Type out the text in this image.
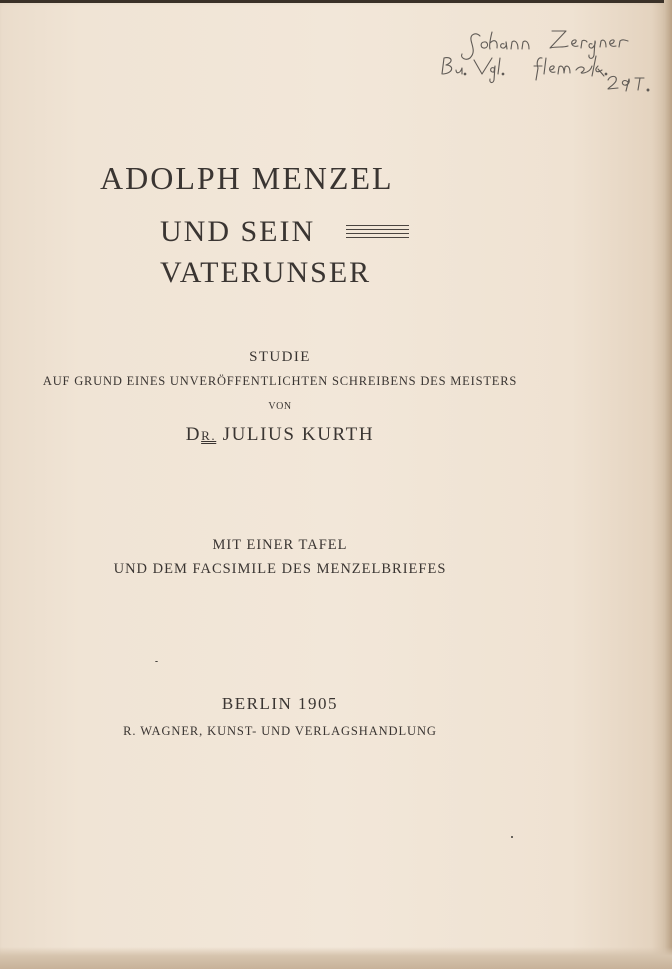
ADOLPH MENZEL
UND SEIN
VATERUNSER
STUDIE
AUF GRUND EINES UNVERÖFFENTLICHTEN SCHREIBENS DES MEISTERS
VON
DR. JULIUS KURTH
MIT EINER TAFEL
UND DEM FACSIMILE DES MENZELBRIEFES
BERLIN 1905
R. WAGNER, KUNST- UND VERLAGSHANDLUNG
